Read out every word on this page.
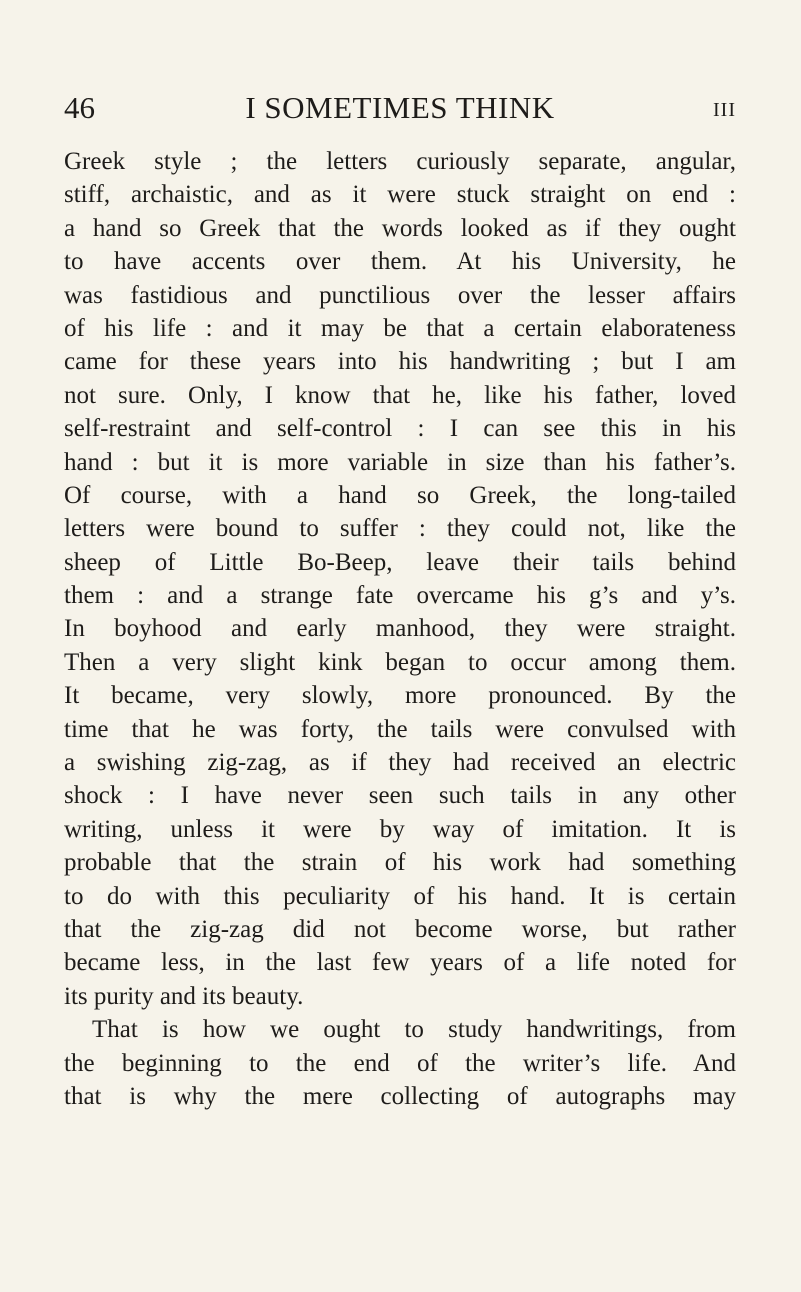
46	I SOMETIMES THINK	III
Greek style ; the letters curiously separate, angular,
stiff, archaistic, and as it were stuck straight on end :
a hand so Greek that the words looked as if they ought
to have accents over them. At his University, he
was fastidious and punctilious over the lesser affairs
of his life : and it may be that a certain elaborateness
came for these years into his handwriting ; but I am
not sure. Only, I know that he, like his father, loved
self-restraint and self-control : I can see this in his
hand : but it is more variable in size than his father’s.
Of course, with a hand so Greek, the long-tailed
letters were bound to suffer : they could not, like the
sheep of Little Bo-Beep, leave their tails behind
them : and a strange fate overcame his g’s and y’s.
In boyhood and early manhood, they were straight.
Then a very slight kink began to occur among them.
It became, very slowly, more pronounced. By the
time that he was forty, the tails were convulsed with
a swishing zig-zag, as if they had received an electric
shock : I have never seen such tails in any other
writing, unless it were by way of imitation. It is
probable that the strain of his work had something
to do with this peculiarity of his hand. It is certain
that the zig-zag did not become worse, but rather
became less, in the last few years of a life noted for
its purity and its beauty.
That is how we ought to study handwritings, from
the beginning to the end of the writer’s life. And
that is why the mere collecting of autographs may
